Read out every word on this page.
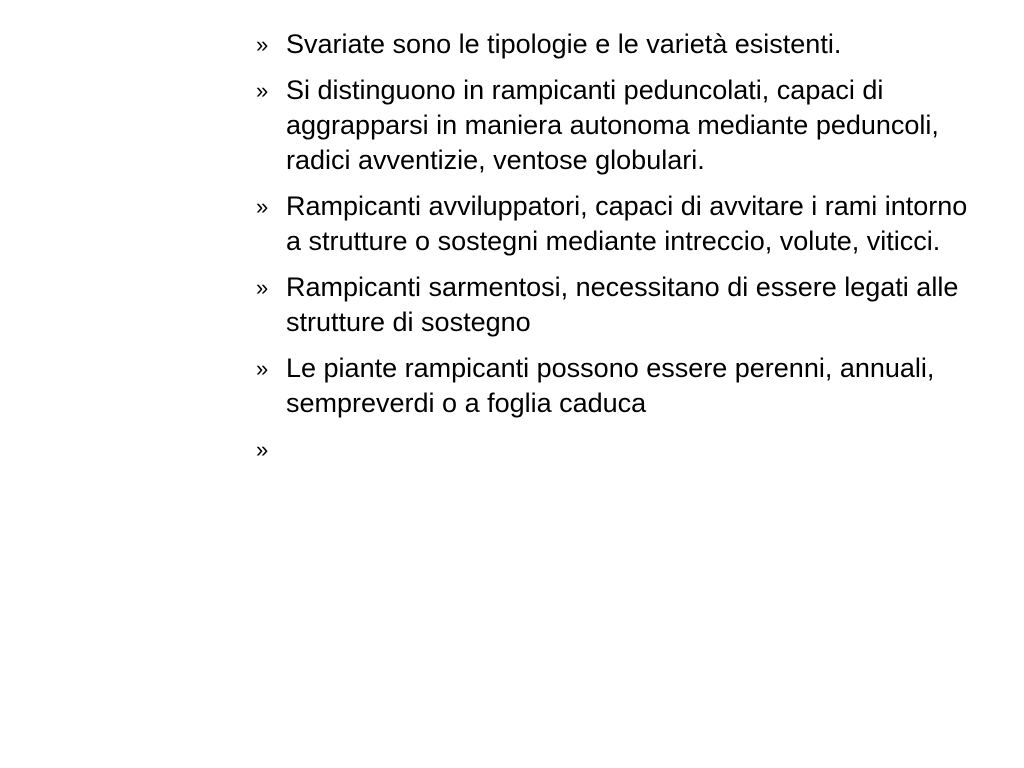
» Svariate sono le tipologie e le varietà esistenti.
» Si distinguono in rampicanti peduncolati, capaci di aggrapparsi in maniera autonoma mediante peduncoli, radici avventizie, ventose globulari.
» Rampicanti avviluppatori, capaci di avvitare i rami intorno a strutture o sostegni mediante intreccio, volute, viticci.
» Rampicanti sarmentosi, necessitano di essere legati alle strutture di sostegno
» Le piante rampicanti possono essere perenni, annuali, sempreverdi o a foglia caduca
»
